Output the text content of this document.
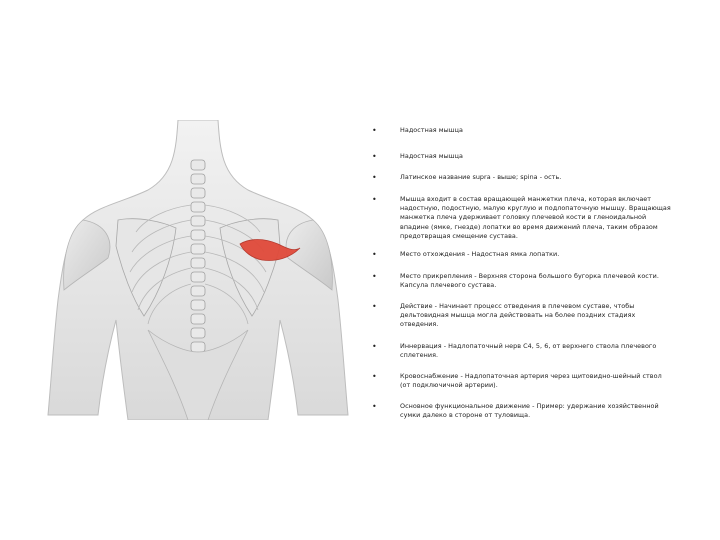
•	Надостная мышца
•	Надостная мышца
•	Латинское название supra - выше; spina - ость.
•	Мышца входит в состав вращающей манжетки плеча, которая включает надостную, подостную, малую круглую и подлопаточную мышцу. Вращающая манжетка плеча удерживает головку плечевой кости в гленоидальной впадине (ямке, гнезде) лопатки во время движений плеча, таким образом предотвращая смещение сустава.
•	Место отхождения - Надостная ямка лопатки.
•	Место прикрепления - Верхняя сторона большого бугорка плечевой кости. Капсула плечевого сустава.
•	Действие - Начинает процесс отведения в плечевом суставе, чтобы дельтовидная мышца могла действовать на более поздних стадиях отведения.
•	Иннервация - Надлопаточный нерв C4, 5, 6, от верхнего ствола плечевого сплетения.
•	Кровоснабжение - Надлопаточная артерия через щитовидно-шейный ствол (от подключичной артерии).
•	Основное функциональное движение - Пример: удержание хозяйственной сумки далеко в стороне от туловища.
